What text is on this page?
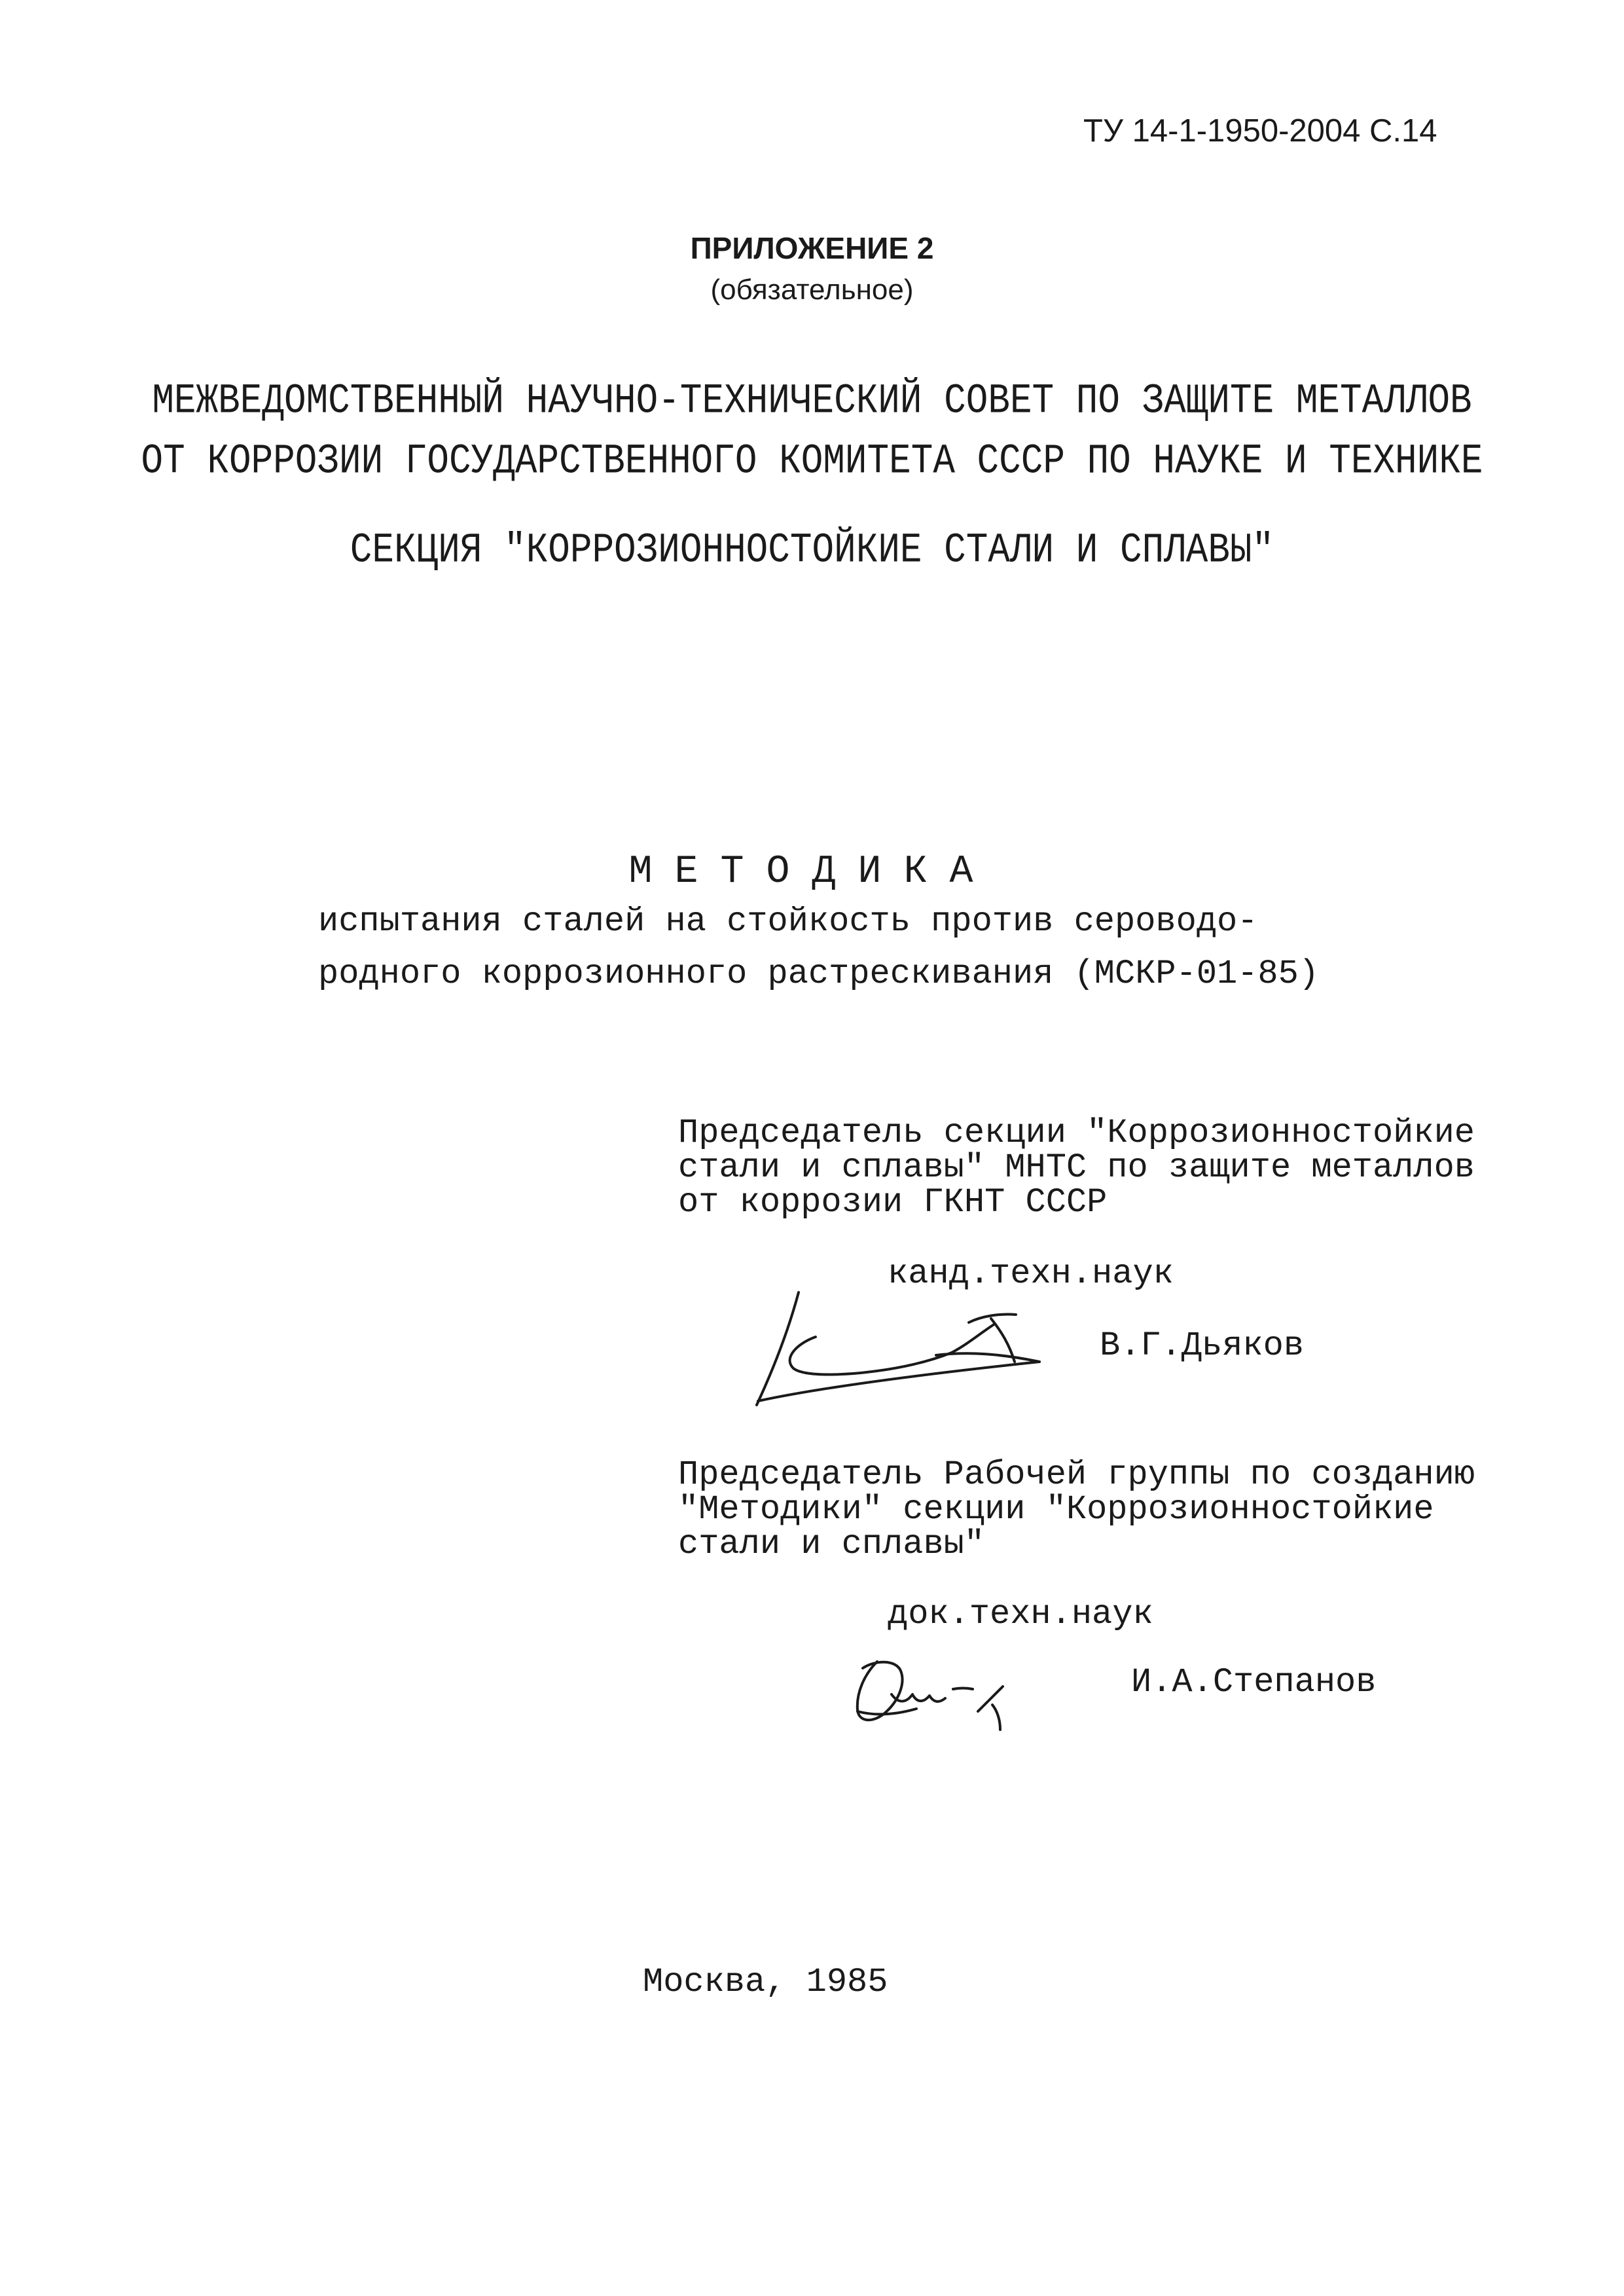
ТУ 14-1-1950-2004 С.14

ПРИЛОЖЕНИЕ 2

(обязательное)

МЕЖВЕДОМСТВЕННЫЙ НАУЧНО-ТЕХНИЧЕСКИЙ СОВЕТ ПО ЗАЩИТЕ МЕТАЛЛОВ

ОТ КОРРОЗИИ ГОСУДАРСТВЕННОГО КОМИТЕТА СССР ПО НАУКЕ И ТЕХНИКЕ

СЕКЦИЯ "КОРРОЗИОННОСТОЙКИЕ СТАЛИ И СПЛАВЫ"

МЕТОДИКА

испытания сталей на стойкость против сероводо-

родного коррозионного растрескивания (МСКР-01-85)

Председатель секции "Коррозионностойкие

стали и сплавы" МНТС по защите металлов

от коррозии ГКНТ СССР

канд.техн.наук

В.Г.Дьяков

Председатель Рабочей группы по созданию

"Методики" секции "Коррозионностойкие

стали и сплавы"

док.техн.наук

И.А.Степанов

Москва, 1985
